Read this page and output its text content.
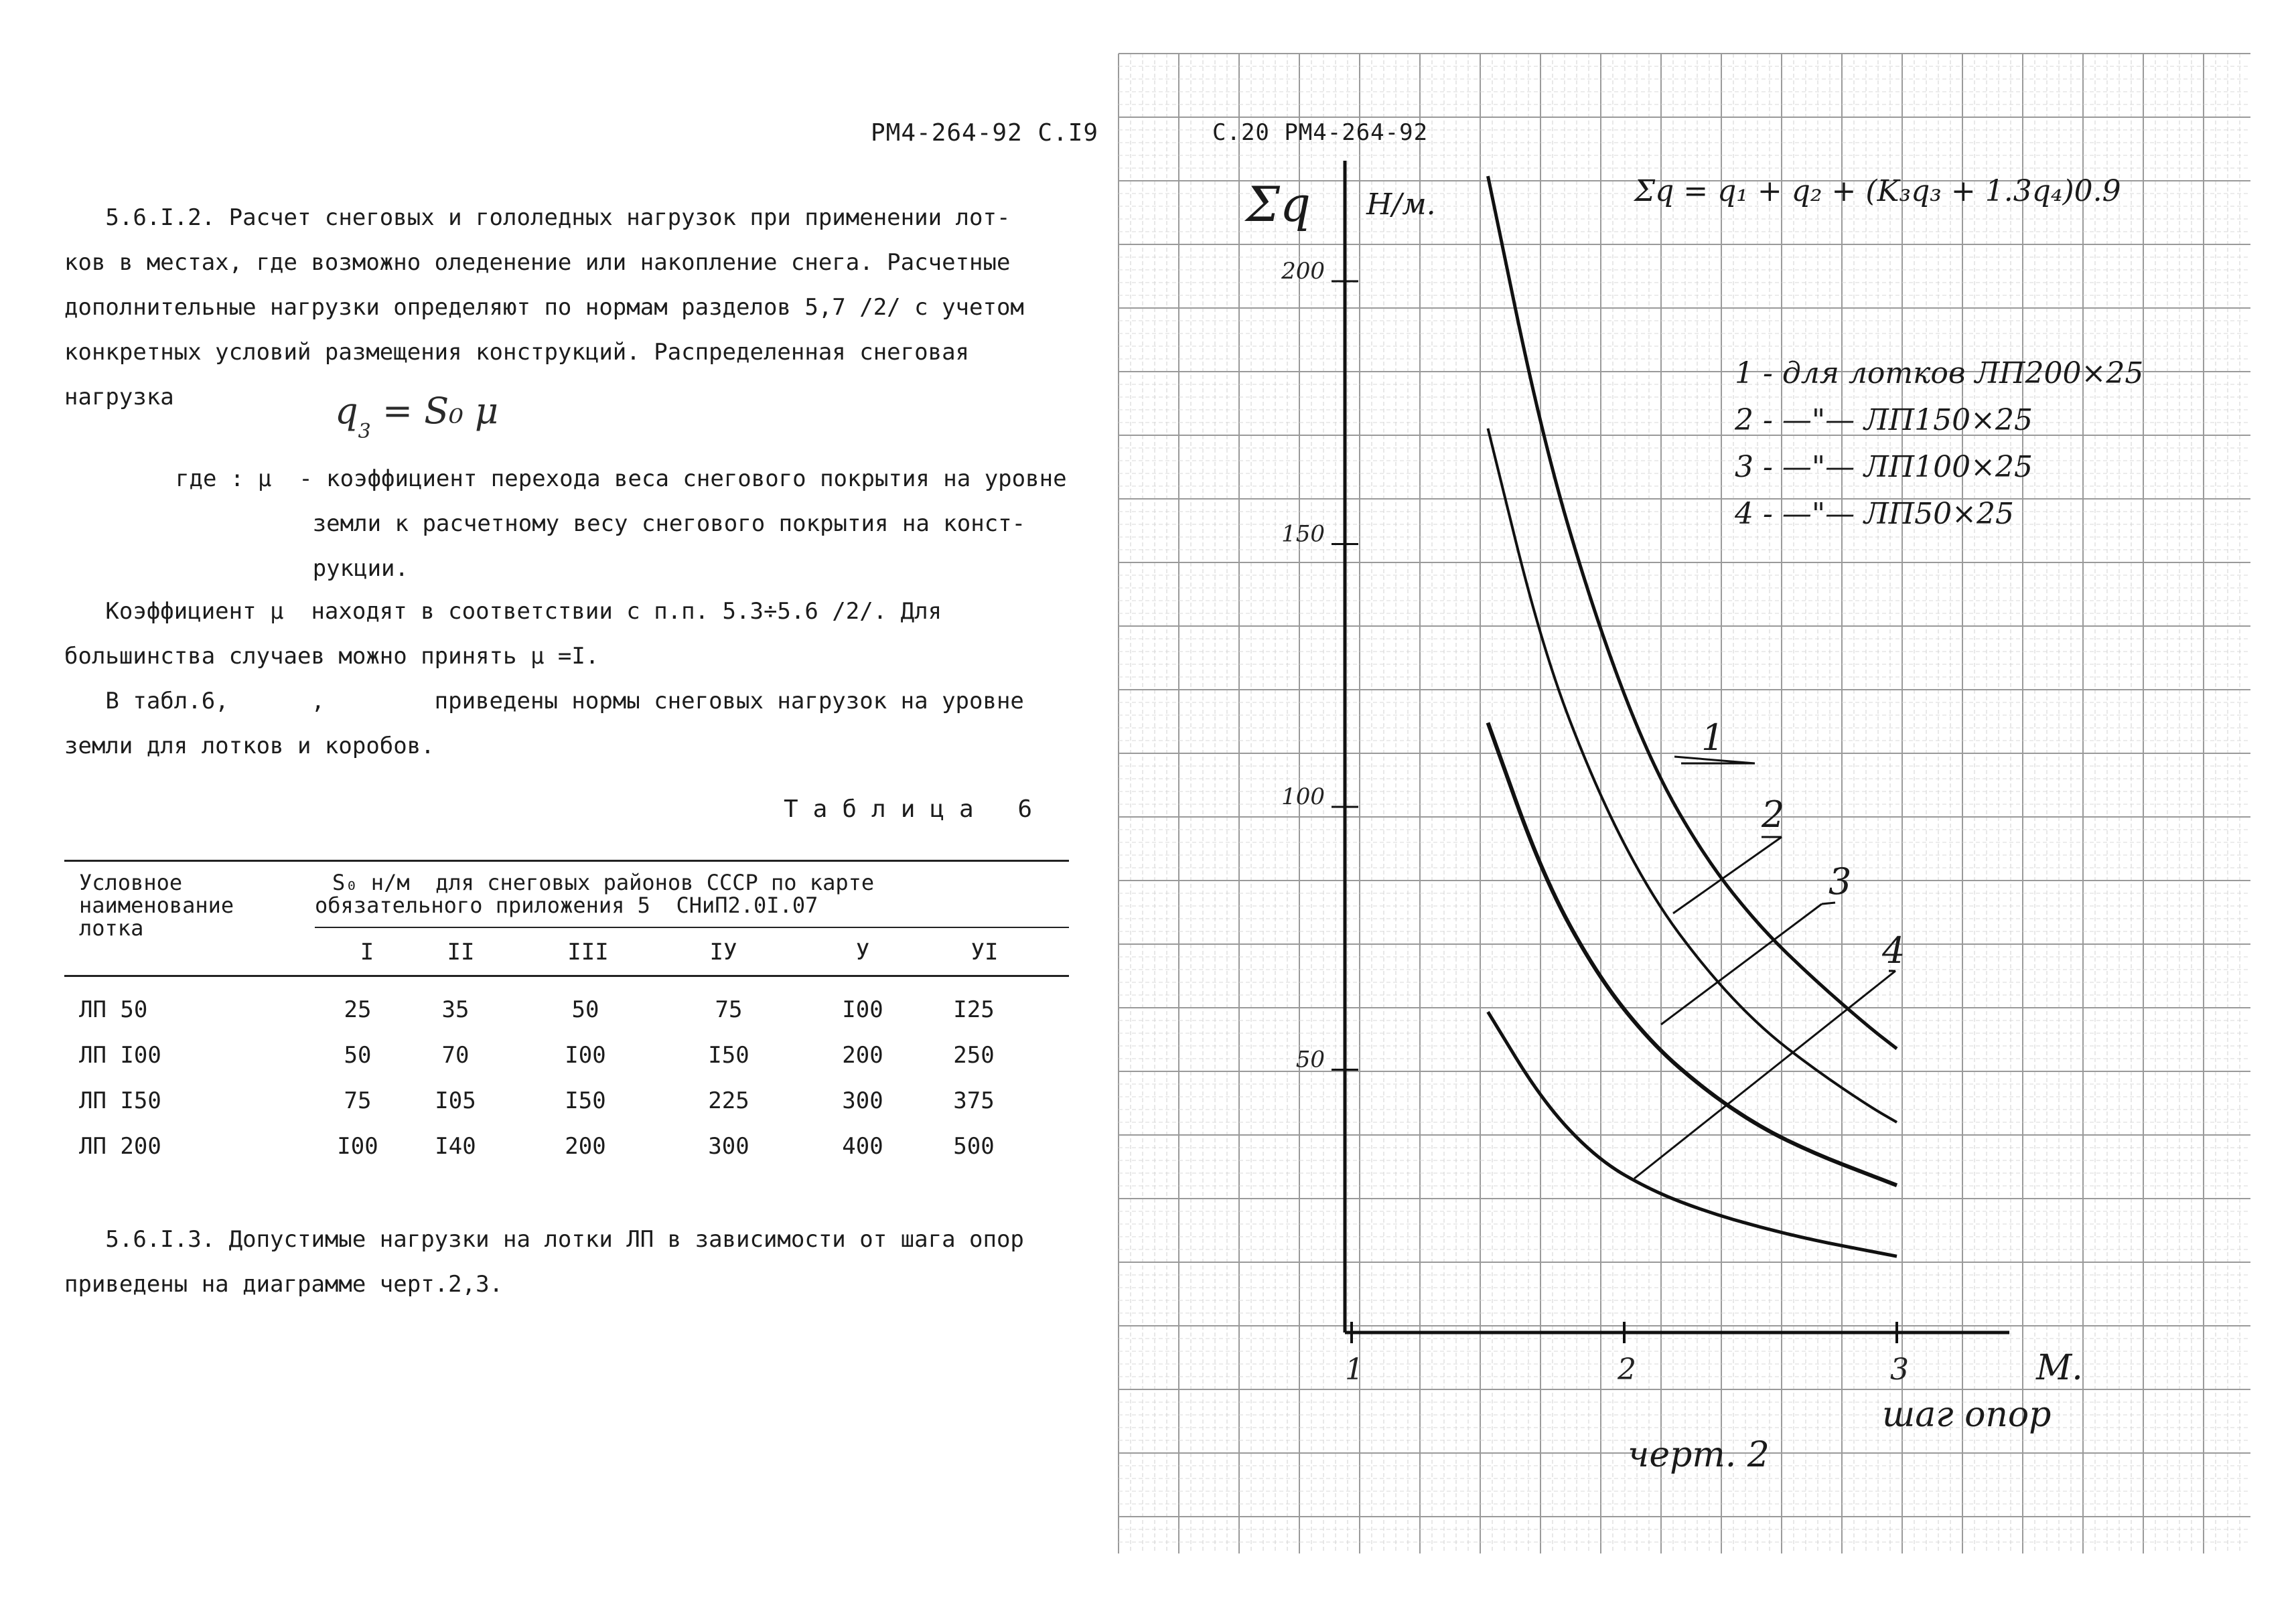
РМ4-264-92 С.I9

5.6.I.2. Расчет снеговых и гололедных нагрузок при применении лот-

ков в местах, где возможно оледенение или накопление снега. Расчетные

дополнительные нагрузки определяют по нормам разделов 5,7 /2/ с учетом

конкретных условий размещения конструкций. Распределенная снеговая

нагрузка	$q_3 = S_0$ μ

где : μ  - коэффициент перехода веса снегового покрытия на уровне

земли к расчетному весу снегового покрытия на конст-

рукции.

Коэффициент μ  находят в соответствии с п.п. 5.3÷5.6 /2/. Для

большинства случаев можно принять μ =I.

В табл.6,      ,        приведены нормы снеговых нагрузок на уровне

земли для лотков и коробов.

Таблица 6
Условное
наименование
лотка
S₀ н/м  для снеговых районов СССР по карте
обязательного приложения 5  СНиП2.0I.07
I	II	III	IУ	У	УI
ЛП 50	25	35	50	75	I00	I25
ЛП I00	50	70	I00	I50	200	250
ЛП I50	75	I05	I50	225	300	375
ЛП 200	I00	I40	200	300	400	500

5.6.I.3. Допустимые нагрузки на лотки ЛП в зависимости от шага опор

приведены на диаграмме черт.2,3.

50
100
150
200
1	2	3
Σq Н/м.	Σq = q₁ + q₂ + (K₃q₃ + 1.3q₄)0.9
1 - для лотков ЛП200×25
2 - —"— ЛП150×25
3 - —"— ЛП100×25
4 - —"— ЛП50×25
1
2
3
4
М.
шаг опор
черт. 2
С.20 РМ4-264-92
